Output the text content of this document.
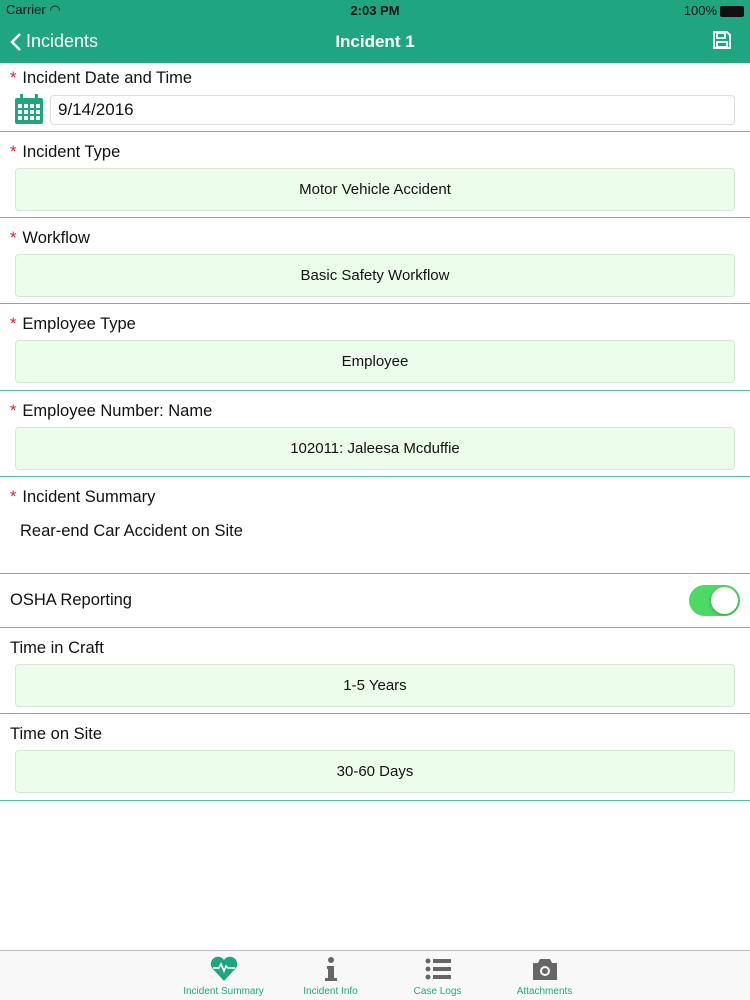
Carrier ◠	2:03 PM	100%
Incidents	Incident 1
* Incident Date and Time
9/14/2016
* Incident Type
Motor Vehicle Accident
* Workflow
Basic Safety Workflow
* Employee Type
Employee
* Employee Number: Name
102011: Jaleesa Mcduffie
* Incident Summary
Rear-end Car Accident on Site
OSHA Reporting
Time in Craft
1-5 Years
Time on Site
30-60 Days
Incident Summary	Incident Info	Case Logs	Attachments
